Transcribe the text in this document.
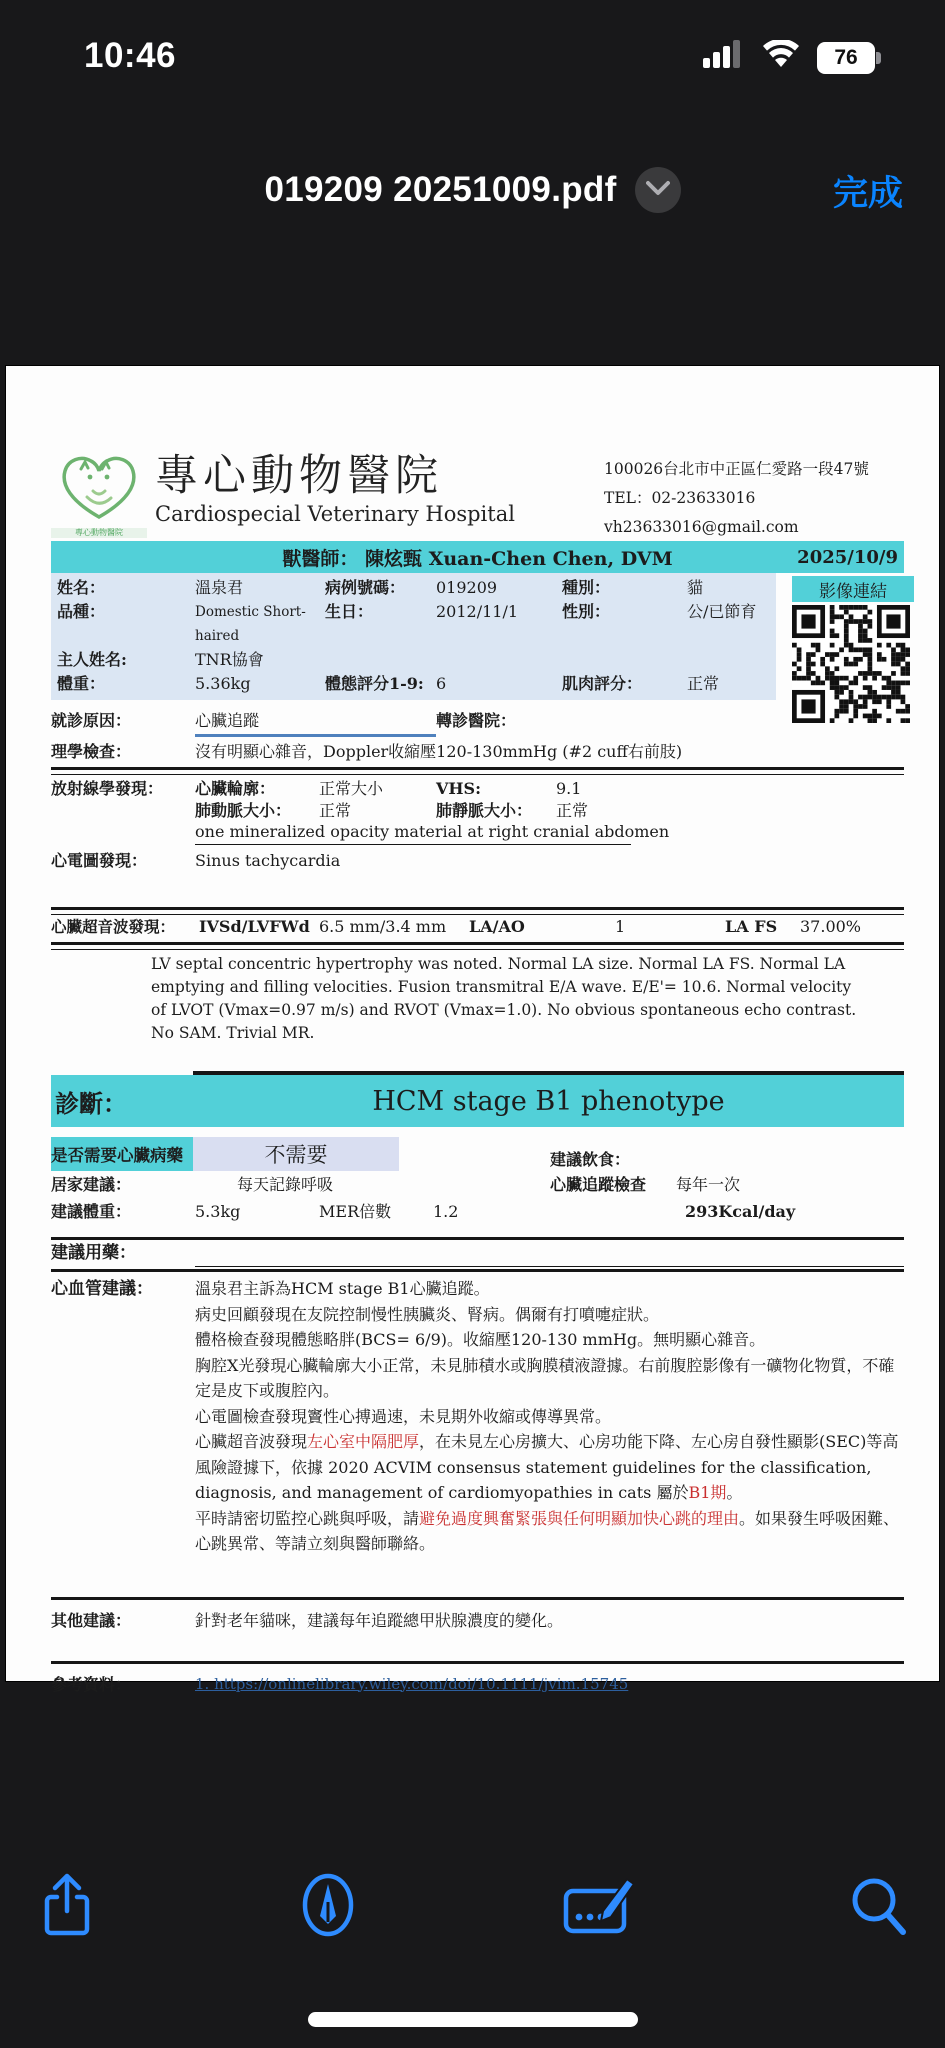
10:46	76
019209 20251009.pdf	完成
專心動物醫院
專心動物醫院
Cardiospecial Veterinary Hospital
100026台北市中正區仁愛路一段47號
TEL：02-23633016
vh23633016@gmail.com
獸醫師： 陳炫甄 Xuan-Chen Chen, DVM	2025/10/9
姓名：	溫泉君	病例號碼：	019209	種別：	貓
品種：	Domestic Short-haired
生日：	2012/11/1	性別：	公/已節育
主人姓名:	TNR協會
體重：	5.36kg	體態評分1-9: 6	肌肉評分：	正常
影像連結
就診原因：	心臟追蹤	轉診醫院：
理學檢查：	沒有明顯心雜音，Doppler收縮壓120-130mmHg (#2 cuff右前肢)
放射線學發現：	心臟輪廓：	正常大小	VHS:	9.1
肺動脈大小：	正常	肺靜脈大小：	正常
one mineralized opacity material at right cranial abdomen
心電圖發現：	Sinus tachycardia
心臟超音波發現：	IVSd/LVFWd 6.5 mm/3.4 mm	LA/AO	1	LA FS	37.00%
LV septal concentric hypertrophy was noted. Normal LA size. Normal LA FS. Normal LA emptying and filling velocities. Fusion transmitral E/A wave. E/E'= 10.6. Normal velocity of LVOT (Vmax=0.97 m/s) and RVOT (Vmax=1.0). No obvious spontaneous echo contrast. No SAM. Trivial MR.
診斷：	HCM stage B1 phenotype
是否需要心臟病藥	不需要	建議飲食：
居家建議：	每天記錄呼吸	心臟追蹤檢查	每年一次
建議體重：	5.3kg	MER倍數	1.2	293Kcal/day
建議用藥：
心血管建議：	溫泉君主訴為HCM stage B1心臟追蹤。
病史回顧發現在友院控制慢性胰臟炎、腎病。偶爾有打噴嚏症狀。
體格檢查發現體態略胖(BCS= 6/9)。收縮壓120-130 mmHg。無明顯心雜音。
胸腔X光發現心臟輪廓大小正常，未見肺積水或胸膜積液證據。右前腹腔影像有一礦物化物質，不確定是皮下或腹腔內。
心電圖檢查發現竇性心搏過速，未見期外收縮或傳導異常。
心臟超音波發現左心室中隔肥厚，在未見左心房擴大、心房功能下降、左心房自發性顯影(SEC)等高風險證據下，依據 2020 ACVIM consensus statement guidelines for the classification, diagnosis, and management of cardiomyopathies in cats 屬於B1期。
平時請密切監控心跳與呼吸，請避免過度興奮緊張與任何明顯加快心跳的理由。如果發生呼吸困難、心跳異常、等請立刻與醫師聯絡。
其他建議：	針對老年貓咪，建議每年追蹤總甲狀腺濃度的變化。
參考資料：	1. https://onlinelibrary.wiley.com/doi/10.1111/jvim.15745
